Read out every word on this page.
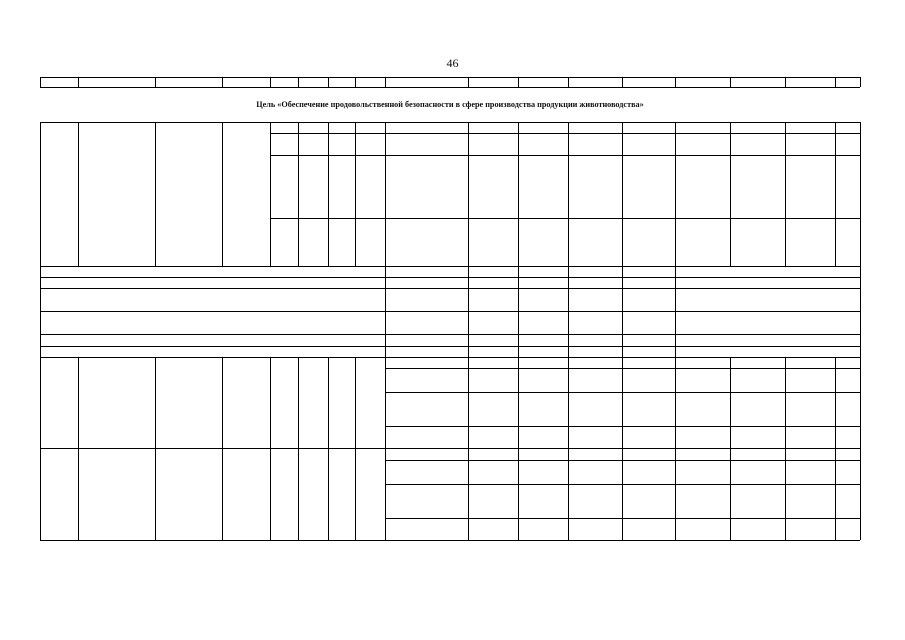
46
Цель «Обеспечение продовольственной безопасности в сфере производства продукции животноводства»
